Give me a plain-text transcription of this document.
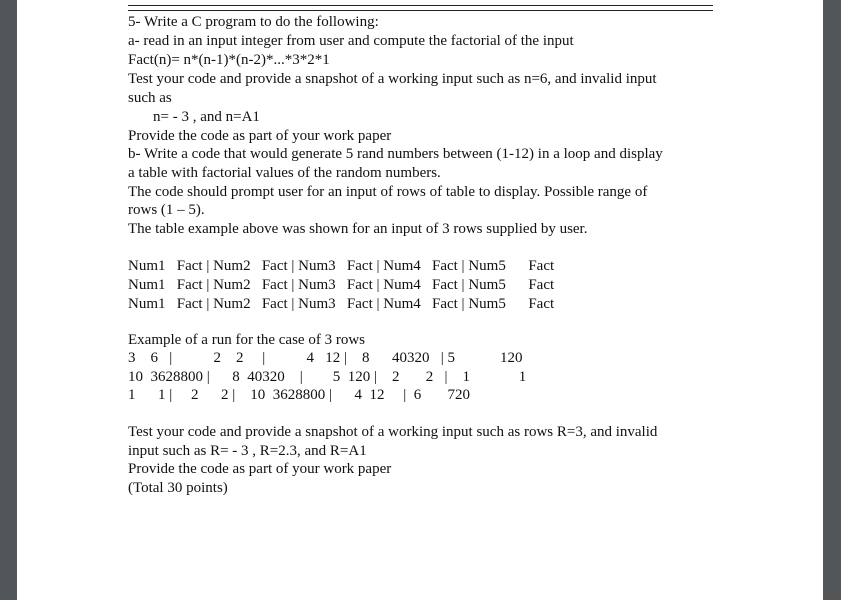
5- Write a C program to do the following:
a- read in an input integer from user and compute the factorial of the input
Fact(n)= n*(n-1)*(n-2)*...*3*2*1
Test your code and provide a snapshot of a working input such as n=6, and invalid input
such as
n= - 3 , and n=A1
Provide the code as part of your work paper
b- Write a code that would generate 5 rand numbers between (1-12) in a loop and display
a table with factorial values of the random numbers.
The code should prompt user for an input of rows of table to display. Possible range of
rows (1 – 5).
The table example above was shown for an input of 3 rows supplied by user.
Num1   Fact | Num2   Fact | Num3   Fact | Num4   Fact | Num5      Fact
Num1   Fact | Num2   Fact | Num3   Fact | Num4   Fact | Num5      Fact
Num1   Fact | Num2   Fact | Num3   Fact | Num4   Fact | Num5      Fact
Example of a run for the case of 3 rows
3    6   |           2    2     |           4   12 |    8      40320   | 5            120
10  3628800 |      8  40320    |        5  120 |    2       2   |    1             1
1      1 |     2      2 |    10  3628800 |      4  12     |  6       720
Test your code and provide a snapshot of a working input such as rows R=3, and invalid
input such as R= - 3 , R=2.3, and R=A1
Provide the code as part of your work paper
(Total 30 points)
